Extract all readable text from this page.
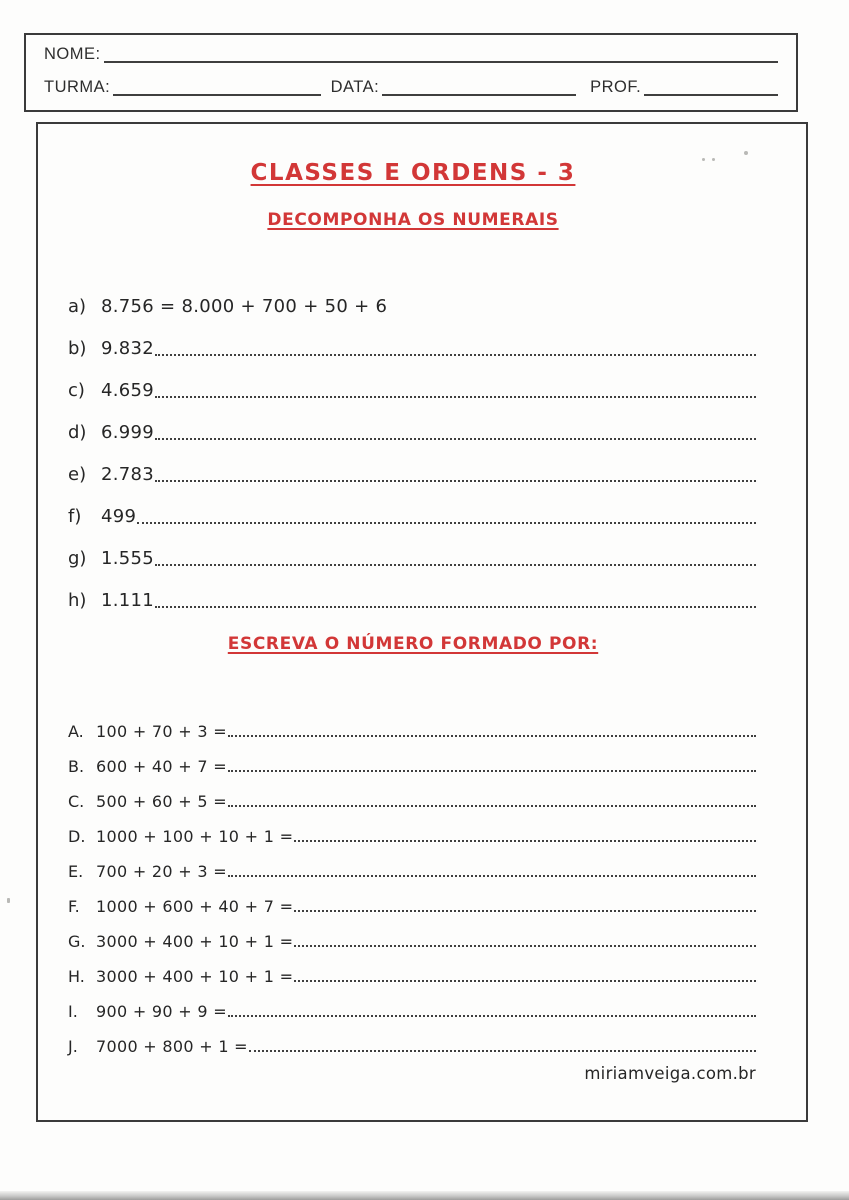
NOME:
TURMA:	DATA:	PROF.
CLASSES E ORDENS - 3
DECOMPONHA OS NUMERAIS
a) 8.756 = 8.000 + 700 + 50 + 6
b) 9.832
c) 4.659
d) 6.999
e) 2.783
f)	499
g) 1.555
h) 1.111
ESCREVA O NÚMERO FORMADO POR:
A. 100 + 70 + 3 =
B. 600 + 40 + 7 =
C. 500 + 60 + 5 =
D. 1000 + 100 + 10 + 1 =
E. 700 + 20 + 3 =
F.	1000 + 600 + 40 + 7 =
G. 3000 + 400 + 10 + 1 =
H. 3000 + 400 + 10 + 1 =
I.	900 + 90 + 9 =
J.	7000 + 800 + 1 =
miriamveiga.com.br
